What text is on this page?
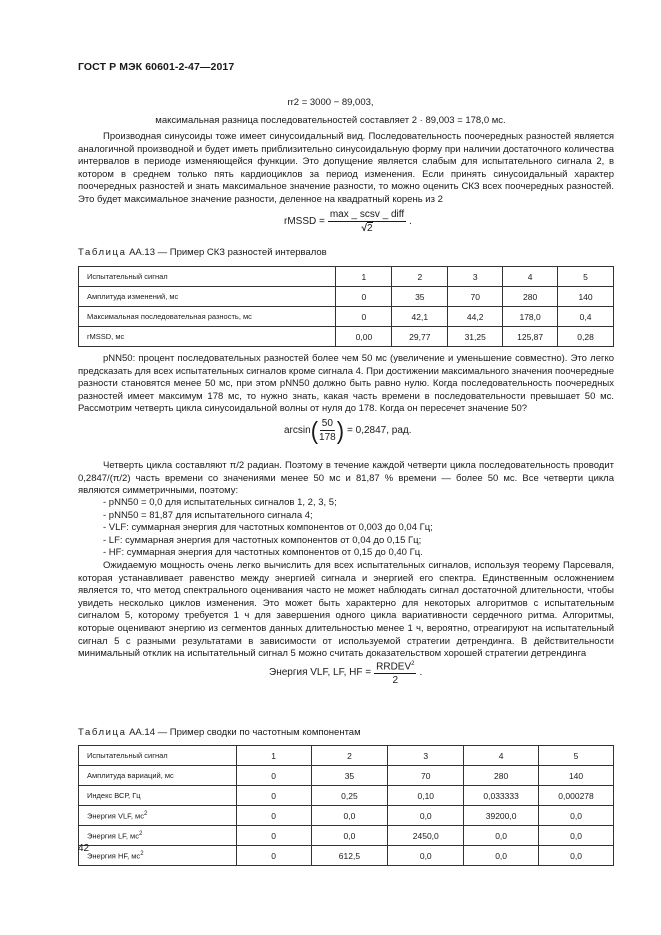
ГОСТ Р МЭК 60601-2-47—2017
rr2 = 3000 − 89,003,
максимальная разница последовательностей составляет 2 · 89,003 = 178,0 мс.

Производная синусоиды тоже имеет синусоидальный вид. Последовательность поочередных разностей является аналогичной производной и будет иметь приблизительно синусоидальную форму при наличии достаточного количества интервалов в периоде изменяющейся функции. Это допущение является слабым для испытательного сигнала 2, в котором в среднем только пять кардиоциклов за период изменения. Если принять синусоидальный характер поочередных разностей и знать максимальное значение разности, то можно оценить СКЗ всех поочередных разностей. Это будет максимальное значение разности, деленное на квадратный корень из 2

rMSSD = $\frac{\text{max \_ scsv \_ diff}}{√2}$ .
Таблица АА.13 — Пример СКЗ разностей интервалов
Испытательный сигнал	1	2	3	4	5
Амплитуда изменений, мс	0	35	70	280	140
Максимальная последовательная разность, мс	0	42,1	44,2	178,0	0,4
rMSSD, мс	0,00	29,77	31,25	125,87	0,28

pNN50: процент последовательных разностей более чем 50 мс (увеличение и уменьшение совместно). Это легко предсказать для всех испытательных сигналов кроме сигнала 4. При достижении максимального значения поочередные разности становятся менее 50 мс, при этом pNN50 должно быть равно нулю. Когда последовательность поочередных разностей имеет максимум 178 мс, то нужно знать, какая часть времени в последовательности превышает 50 мс. Рассмотрим четверть цикла синусоидальной волны от нуля до 178. Когда он пересечет значение 50?

arcsin ( $\frac{50}{178}$ ) = 0,2847, рад.

Четверть цикла составляют π/2 радиан. Поэтому в течение каждой четверти цикла последовательность проводит 0,2847/(π/2) часть времени со значениями менее 50 мс и 81,87 % времени — более 50 мс. Все четверти цикла являются симметричными, поэтому:

- pNN50 = 0,0 для испытательных сигналов 1, 2, 3, 5;
- pNN50 = 81,87 для испытательного сигнала 4;
- VLF: суммарная энергия для частотных компонентов от 0,003 до 0,04 Гц;
- LF: суммарная энергия для частотных компонентов от 0,04 до 0,15 Гц;
- HF: суммарная энергия для частотных компонентов от 0,15 до 0,40 Гц.

Ожидаемую мощность очень легко вычислить для всех испытательных сигналов, используя теорему Парсеваля, которая устанавливает равенство между энергией сигнала и энергией его спектра. Единственным осложнением является то, что метод спектрального оценивания часто не может наблюдать сигнал достаточной длительности, чтобы увидеть несколько циклов изменения. Это может быть характерно для некоторых алгоритмов с испытательным сигналом 5, которому требуется 1 ч для завершения одного цикла вариативности сердечного ритма. Алгоритмы, которые оценивают энергию из сегментов данных длительностью менее 1 ч, вероятно, отреагируют на испытательный сигнал 5 с разными результатами в зависимости от используемой стратегии детрендинга. В действительности минимальный отклик на испытательный сигнал 5 можно считать доказательством хорошей стратегии детрендинга

Энергия VLF, LF, HF = $\frac{RRDEV^2}{2}$ .
Таблица АА.14 — Пример сводки по частотным компонентам
Испытательный сигнал	1	2	3	4	5
Амплитуда вариаций, мс	0	35	70	280	140
Индекс ВСР, Гц	0	0,25	0,10	0,033333	0,000278
Энергия VLF, $мс^2$	0	0,0	0,0	39200,0	0,0
Энергия LF, $мс^2$	0	0,0	2450,0	0,0	0,0
Энергия HF, $мс^2$	0	612,5	0,0	0,0	0,0
42
